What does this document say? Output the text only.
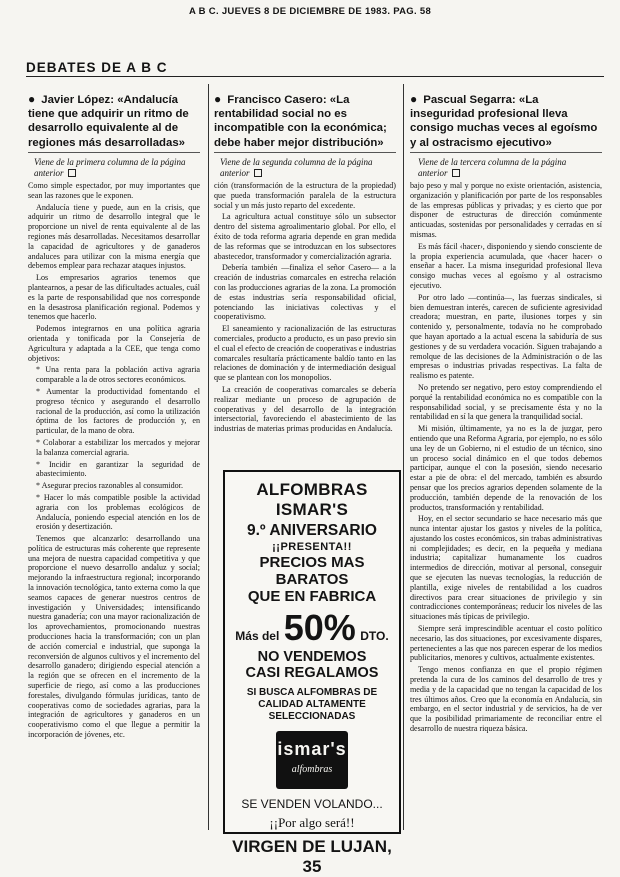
A B C. JUEVES 8 DE DICIEMBRE DE 1983. PAG. 58
DEBATES DE A B C
● Javier López: «Andalucía tiene que adquirir un ritmo de desarrollo equivalente al de regiones más desarrolladas»
Viene de la primera columna de la página anterior

Como simple espectador, por muy importantes que sean las razones que le exponen.

Andalucía tiene y puede, aun en la crisis, que adquirir un ritmo de desarrollo integral que le proporcione un nivel de renta equivalente al de las regiones más desarrolladas. Necesitamos desarrollar la capacidad de agricultores y de ganaderos andaluces para utilizar con la misma energía que debemos emplear para rechazar ataques injustos.

Los empresarios agrarios tenemos que plantearnos, a pesar de las dificultades actuales, cuál es la parte de responsabilidad que nos corresponde en la desastrosa planificación regional. Podemos y tenemos que hacerlo.

Podemos integrarnos en una política agraria orientada y tonificada por la Consejería de Agricultura y adaptada a la CEE, que tenga como objetivos:

* Una renta para la población activa agraria comparable a la de otros sectores económicos.

* Aumentar la productividad fomentando el progreso técnico y asegurando el desarrollo racional de la producción, así como la utilización óptima de los factores de producción y, en particular, de la mano de obra.

* Colaborar a estabilizar los mercados y mejorar la balanza comercial agraria.

* Incidir en garantizar la seguridad de abastecimiento.

* Asegurar precios razonables al consumidor.

* Hacer lo más compatible posible la actividad agraria con los problemas ecológicos de Andalucía, poniendo especial atención en los de erosión y desertización.

Tenemos que alcanzarlo: desarrollando una política de estructuras más coherente que represente una mejora de nuestra capacidad competitiva y que proporcione el nuevo desarrollo andaluz y social; mejorando la infraestructura regional; incorporando la innovación tecnológica, tanto externa como la que seamos capaces de generar nuestros centros de investigación y Universidades; intensificando nuestra ganadería; con una mayor racionalización de los aprovechamientos, promocionando nuestras producciones hacia la transformación; con un plan de acción comercial e industrial, que suponga la reconversión de algunos cultivos y el incremento del desarrollo ganadero; dirigiendo especial atención a la región que se ofrecen en el incremento de la superficie de riego, así como a las producciones forestales, divulgando fórmulas jurídicas, tanto de cooperativas como de sociedades agrarias, para la integración de agricultores y ganaderos en un cooperativismo como el que llegue a permitir la incorporación de jóvenes, etc.

● Francisco Casero: «La rentabilidad social no es incompatible con la económica; debe haber mejor distribución»
Viene de la segunda columna de la página anterior

ción (transformación de la estructura de la propiedad) que pueda transformación paralela de la estructura social y un más justo reparto del excedente.

La agricultura actual constituye sólo un subsector dentro del sistema agroalimentario global. Por ello, el éxito de toda reforma agraria depende en gran medida de las reformas que se introduzcan en los subsectores abastecedor, transformador y comercialización agraria.

Debería también —finaliza el señor Casero— a la creación de industrias comarcales en estrecha relación con las producciones agrarias de la zona. La promoción de estas industrias sería responsabilidad oficial, potenciando las iniciativas colectivas y el cooperativismo.

El saneamiento y racionalización de las estructuras comerciales, producto a producto, es un paso previo sin el cual el efecto de creación de cooperativas e industrias comarcales resultaría prácticamente baldío tanto en las relaciones de dominación y de intermediación desigual que se plantean con los monopolios.

La creación de cooperativas comarcales se debería realizar mediante un proceso de agrupación de cooperativas y del desarrollo de la integración intersectorial, favoreciendo el abastecimiento de las industrias de materias primas producidas en Andalucía.

ALFOMBRAS ISMAR'S
9.º ANIVERSARIO
¡¡PRESENTA!!
PRECIOS MAS BARATOS
QUE EN FABRICA
Más del 50% DTO.
NO VENDEMOS
CASI REGALAMOS
SI BUSCA ALFOMBRAS DE CALIDAD ALTAMENTE SELECCIONADAS
ismar's
alfombras
SE VENDEN VOLANDO...
¡¡Por algo será!!
VIRGEN DE LUJAN, 35
● Pascual Segarra: «La inseguridad profesional lleva consigo muchas veces al egoísmo y al ostracismo ejecutivo»
Viene de la tercera columna de la página anterior

bajo peso y mal y porque no existe orientación, asistencia, organización y planificación por parte de los responsables de las empresas públicas y privadas; y es cierto que por disponer de estructuras de dirección comúnmente anticuadas, sostenidas por personalidades y cerradas en sí mismas.

Es más fácil ‹hacer›, disponiendo y siendo consciente de la propia experiencia acumulada, que ‹hacer hacer› o enseñar a hacer. La misma inseguridad profesional lleva consigo muchas veces al egoísmo y al ostracismo ejecutivo.

Por otro lado —continúa—, las fuerzas sindicales, si bien demuestran interés, carecen de suficiente agresividad creadora; muestran, en parte, ilusiones torpes y sin contenido y, personalmente, todavía no he comprobado que hayan aportado a la actual escena la sabiduría de sus gestiones y de su verdadera vocación. Siguen trabajando a remolque de las decisiones de la Administración o de las empresas o industrias privadas respectivas. La falta de realismo es patente.

No pretendo ser negativo, pero estoy comprendiendo el porqué la rentabilidad económica no es compatible con la responsabilidad social, y se precisamente ésta y no la rentabilidad en sí la que genera la tranquilidad social.

Mi misión, últimamente, ya no es la de juzgar, pero entiendo que una Reforma Agraria, por ejemplo, no es sólo una ley de un Gobierno, ni el estudio de un técnico, sino un proceso social dinámico en el que todos debemos participar, aunque el con la posesión, siendo necesario estar a pie de obra: el del mercado, también es absurdo pensar que los precios agrarios dependen solamente de la producción, también depende de la renovación de los productos, transformación y rentabilidad.

Hoy, en el sector secundario se hace necesario más que nunca intentar ajustar los gastos y niveles de la política, ajustando los costes económicos, sin trabas administrativas ni complejidades; es decir, en la pequeña y mediana industria; capitalizar humanamente los cuadros intermedios de dirección, motivar al personal, conseguir que se ejecuten las nuevas tecnologías, la reducción de plantilla, exige niveles de rentabilidad a los cuadros directivos para crear situaciones de privilegio y sin contradicciones contemporáneas; reducir los niveles de las situaciones más típicas de privilegio.

Siempre será imprescindible acentuar el costo político necesario, las dos situaciones, por excesivamente dispares, pertenecientes a las que nos parecen esperar de los medios publicitarios, menores y cultivos, actualmente existentes.

Tengo menos confianza en que el propio régimen pretenda la cura de los caminos del desarrollo de tres y media y de la capacidad que no tengan la capacidad de los tres últimos años. Creo que la economía en Andalucía, sin embargo, en el sector industrial y de servicios, ha de ver que la posibilidad primariamente de reconciliar entre el desarrollo de nuestra riqueza básica.
